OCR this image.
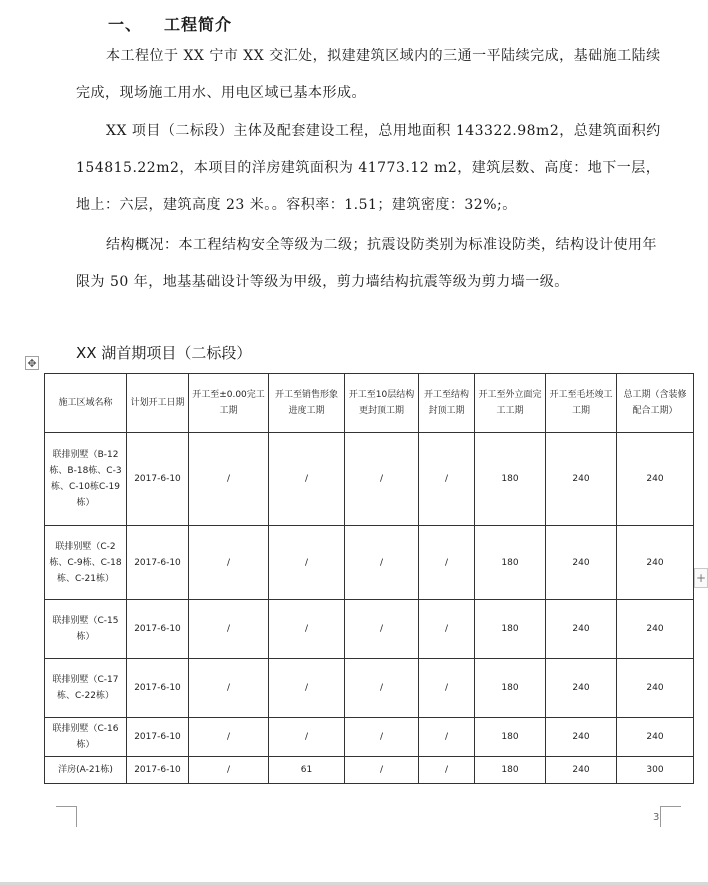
一、 工程简介

本工程位于 XX 宁市 XX 交汇处，拟建建筑区域内的三通一平陆续完成，基础施工陆续完成，现场施工用水、用电区域已基本形成。

XX 项目（二标段）主体及配套建设工程，总用地面积 143322.98m2，总建筑面积约 154815.22m2，本项目的洋房建筑面积为 41773.12 m2，建筑层数、高度：地下一层，地上：六层，建筑高度 23 米。。容积率：1.51；建筑密度：32%;。

结构概况：本工程结构安全等级为二级；抗震设防类别为标准设防类，结构设计使用年限为 50 年，地基基础设计等级为甲级，剪力墙结构抗震等级为剪力墙一级。

✥
XX 湖首期项目（二标段）
施工区域名称	计划开工日期	开工至±0.00完工工期	开工至销售形象进度工期	开工至10层结构更封顶工期	开工至结构封顶工期	开工至外立面完工工期	开工至毛坯竣工工期	总工期（含装修配合工期）
联排别墅（B-12栋、B-18栋、C-3栋、C-10栋C-19栋）	2017-6-10	/	/	/	/	180	240	240
联排别墅（C-2栋、C-9栋、C-18栋、C-21栋）	2017-6-10	/	/	/	/	180	240	240
联排别墅（C-15栋）	2017-6-10	/	/	/	/	180	240	240
联排别墅（C-17栋、C-22栋）	2017-6-10	/	/	/	/	180	240	240
联排别墅（C-16栋）	2017-6-10	/	/	/	/	180	240	240
洋房(A-21栋)	2017-6-10	/	61	/	/	180	240	300
+
3
